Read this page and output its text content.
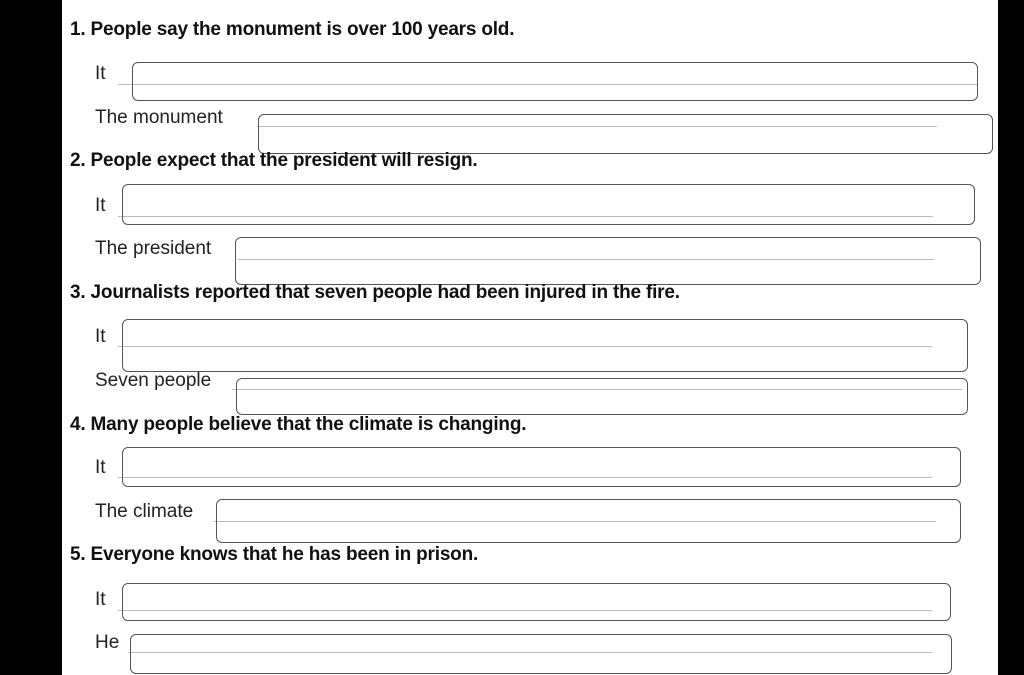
1. People say the monument is over 100 years old.
It
The monument
2. People expect that the president will resign.
It
The president
3. Journalists reported that seven people had been injured in the fire.
It
Seven people
4. Many people believe that the climate is changing.
It
The climate
5. Everyone knows that he has been in prison.
It
He
